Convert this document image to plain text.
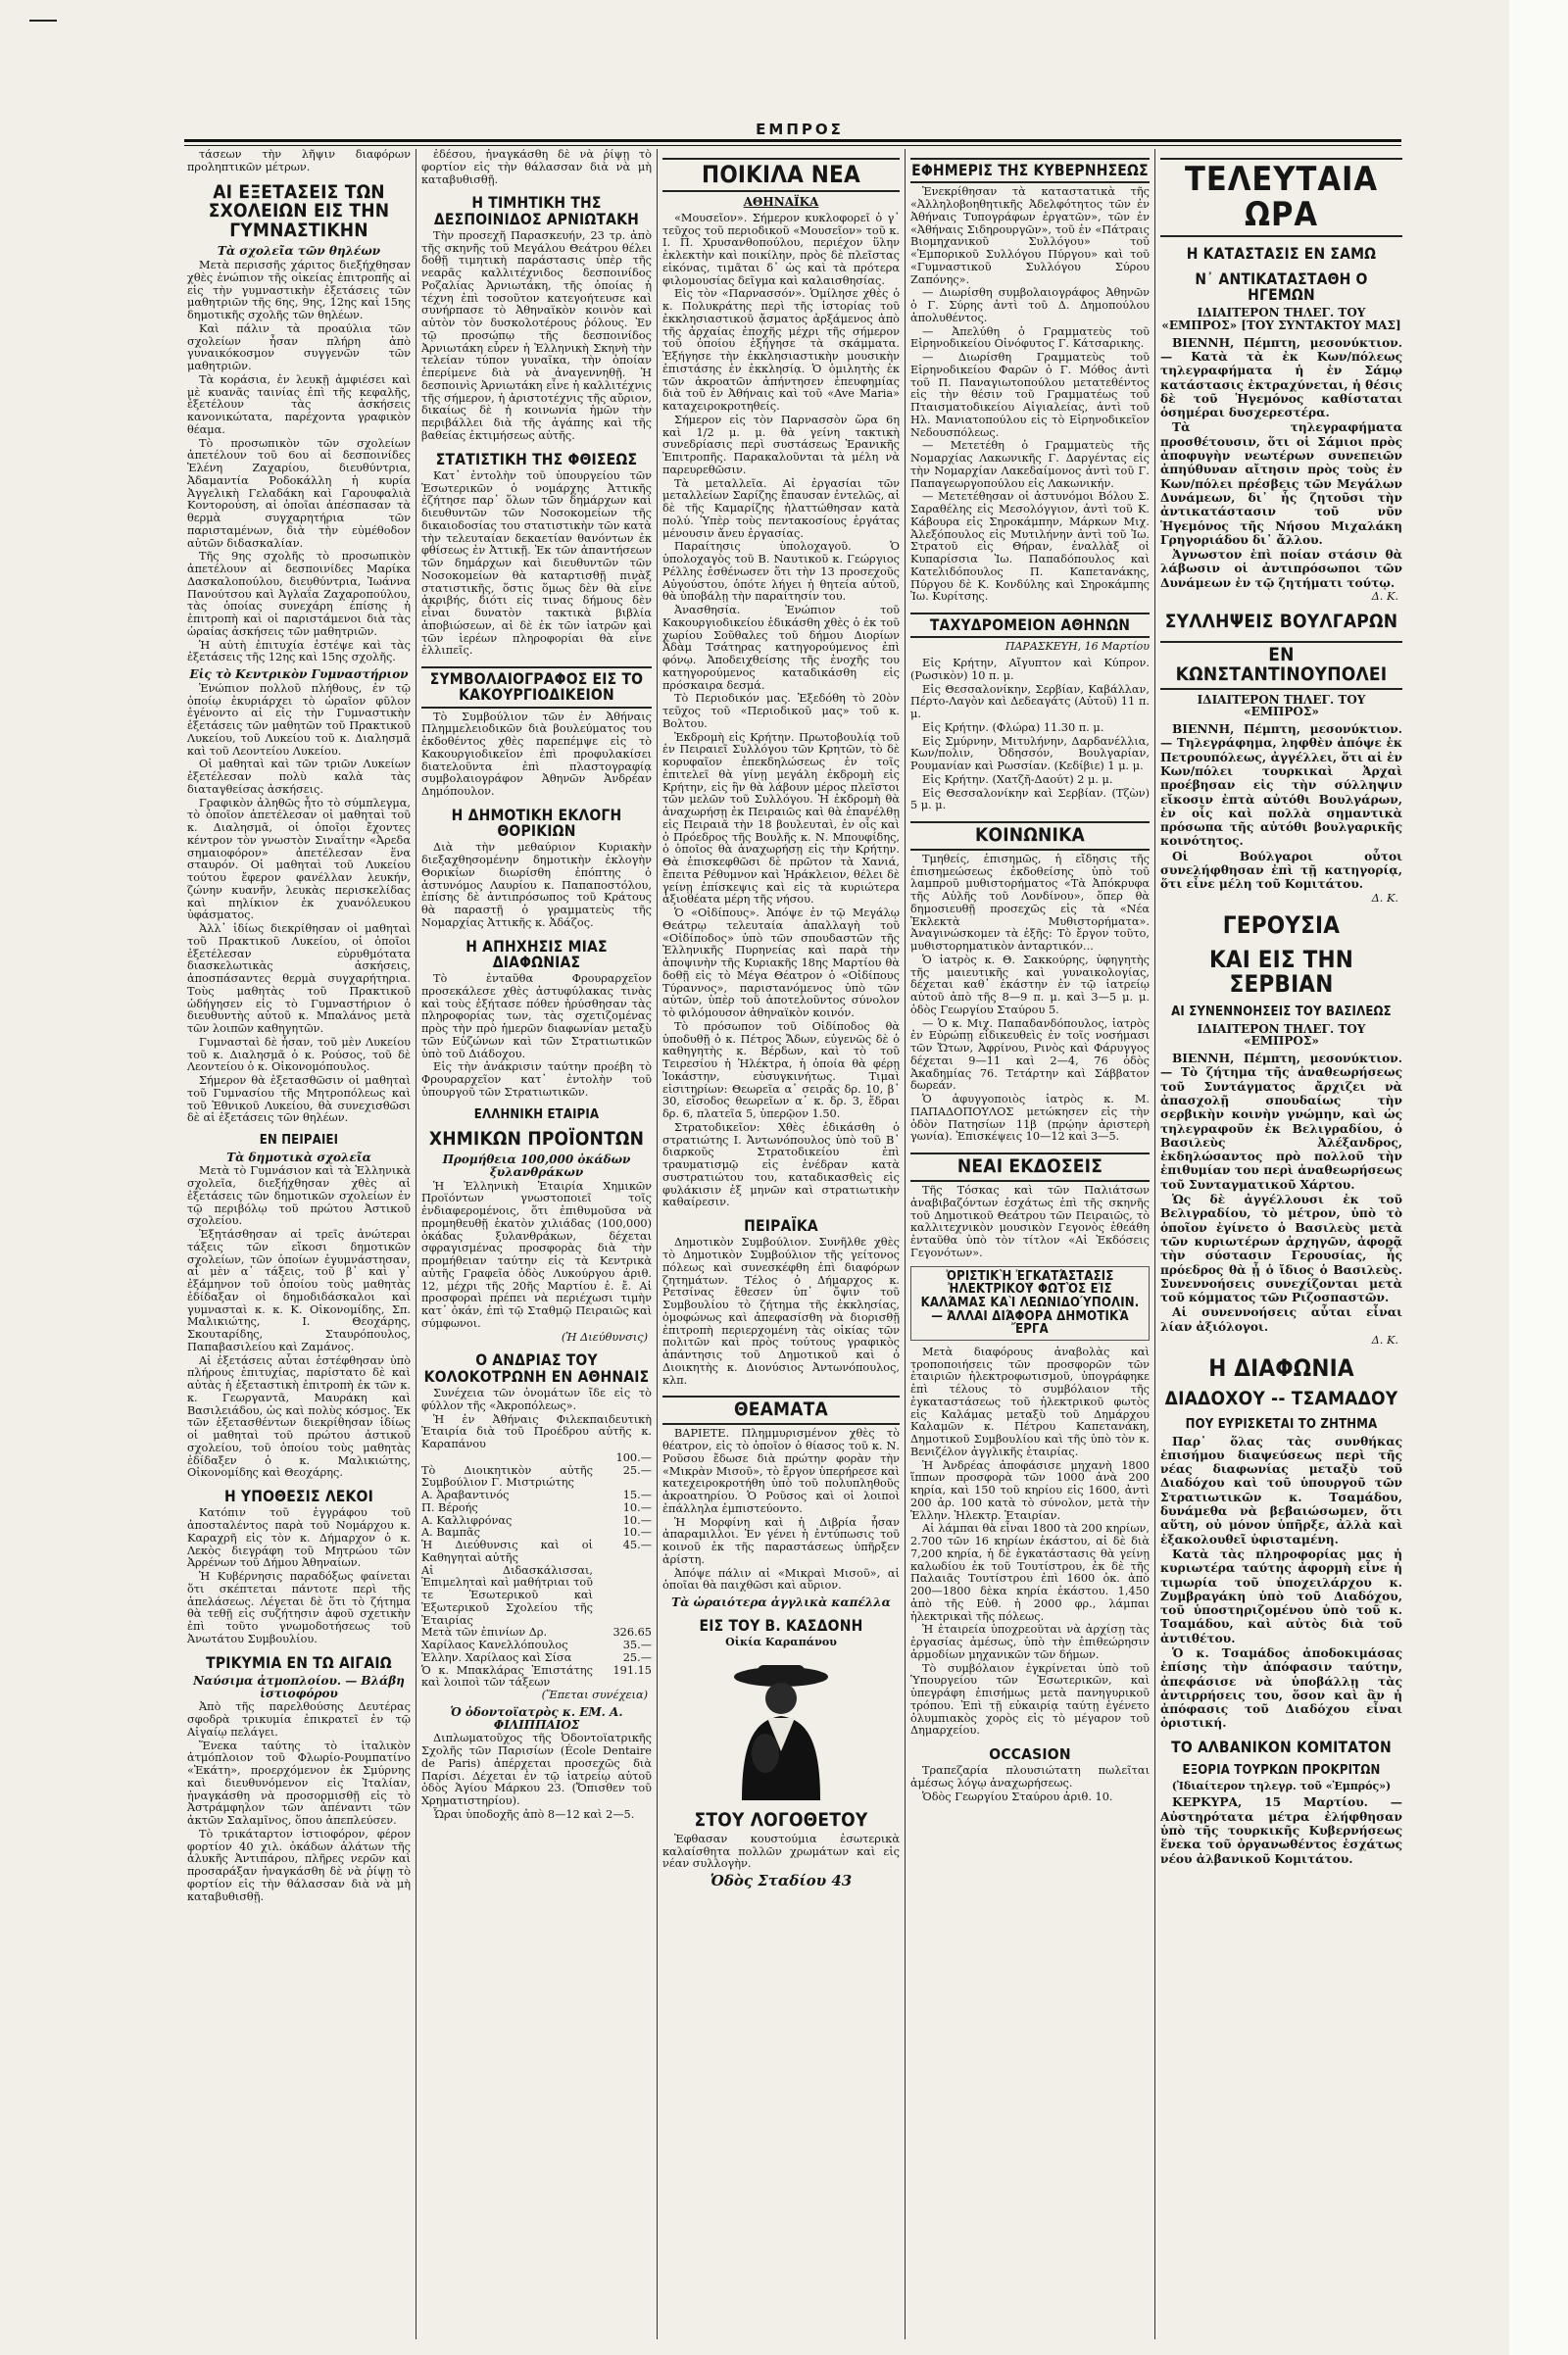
ΕΜΠΡΟΣ

τάσεων τὴν λῆψιν διαφόρων προληπτικῶν μέτρων.

ΑΙ ΕΞΕΤΑΣΕΙΣ ΤΩΝ ΣΧΟΛΕΙΩΝ ΕΙΣ ΤΗΝ ΓΥΜΝΑΣΤΙΚΗΝ
Τὰ σχολεῖα τῶν θηλέων

Μετὰ περισσῆς χάριτος διεξήχθησαν χθὲς ἐνώπιον τῆς οἰκείας ἐπιτροπῆς αἱ εἰς τὴν γυμναστικὴν ἐξετάσεις τῶν μαθητριῶν τῆς 6ης, 9ης, 12ης καὶ 15ης δημοτικῆς σχολῆς τῶν θηλέων.

Καὶ πάλιν τὰ προαύλια τῶν σχολείων ἦσαν πλήρη ἀπὸ γυναικόκοσμον συγγενῶν τῶν μαθητριῶν.

Τὰ κοράσια, ἐν λευκῇ ἀμφιέσει καὶ μὲ κυανᾶς ταινίας ἐπὶ τῆς κεφαλῆς, ἐξετέλουν τὰς ἀσκήσεις κανονικώτατα, παρέχοντα γραφικὸν θέαμα.

Τὸ προσωπικὸν τῶν σχολείων ἀπετέλουν τοῦ 6ου αἱ δεσποινίδες Ἑλένη Ζαχαρίου, διευθύντρια, Ἀδαμαντία Ροδοκάλλη ἡ κυρία Ἀγγελικὴ Γελαδάκη καὶ Γαρουφαλιὰ Κοντορούση, αἱ ὁποῖαι ἀπέσπασαν τὰ θερμὰ συγχαρητήρια τῶν παρισταμένων, διὰ τὴν εὐμέθοδον αὐτῶν διδασκαλίαν.

Τῆς 9ης σχολῆς τὸ προσωπικὸν ἀπετέλουν αἱ δεσποινίδες Μαρίκα Δασκαλοπούλου, διευθύντρια, Ἰωάννα Πανούτσου καὶ Ἀγλαΐα Ζαχαροπούλου, τὰς ὁποίας συνεχάρη ἐπίσης ἡ ἐπιτροπὴ καὶ οἱ παριστάμενοι διὰ τὰς ὡραίας ἀσκήσεις τῶν μαθητριῶν.

Ἡ αὐτὴ ἐπιτυχία ἐστέψε καὶ τὰς ἐξετάσεις τῆς 12ης καὶ 15ης σχολῆς.

Εἰς τὸ Κεντρικὸν Γυμναστήριον

Ἐνώπιον πολλοῦ πλήθους, ἐν τῷ ὁποίῳ ἐκυριάρχει τὸ ὡραῖον φῦλον ἐγένοντο αἱ εἰς τὴν Γυμναστικὴν ἐξετάσεις τῶν μαθητῶν τοῦ Πρακτικοῦ Λυκείου, τοῦ Λυκείου τοῦ κ. Διαλησμᾶ καὶ τοῦ Λεοντείου Λυκείου.

Οἱ μαθηταὶ καὶ τῶν τριῶν Λυκείων ἐξετέλεσαν πολὺ καλὰ τὰς διαταγθείσας ἀσκήσεις.

Γραφικὸν ἀληθῶς ἦτο τὸ σύμπλεγμα, τὸ ὁποῖον ἀπετέλεσαν οἱ μαθηταὶ τοῦ κ. Διαλησμᾶ, οἱ ὁποῖοι ἔχοντες κέντρον τὸν γνωστὸν Σιναΐτην «Ἀρεδα σημαιοφόρον» ἀπετέλεσαν ἕνα σταυρόν. Οἱ μαθηταὶ τοῦ Λυκείου τούτου ἔφερον φανέλλαν λευκήν, ζώνην κυανῆν, λευκὰς περισκελίδας καὶ πηλίκιον ἐκ χυανόλευκου ὑφάσματος.

Ἀλλ᾽ ἰδίως διεκρίθησαν οἱ μαθηταὶ τοῦ Πρακτικοῦ Λυκείου, οἱ ὁποῖοι ἐξετέλεσαν εὐρυθμότατα διασκελωτικὰς ἀσκήσεις, ἀποσπάσαντες θερμὰ συγχαρήτηρια. Τοὺς μαθητὰς τοῦ Πρακτικοῦ ὡδήγησεν εἰς τὸ Γυμναστήριον ὁ διευθυντὴς αὐτοῦ κ. Μπαλάνος μετὰ τῶν λοιπῶν καθηγητῶν.

Γυμνασταὶ δὲ ἦσαν, τοῦ μὲν Λυκείου τοῦ κ. Διαλησμᾶ ὁ κ. Ρούσος, τοῦ δὲ Λεοντείου ὁ κ. Οἰκονομόπουλος.

Σήμερον θὰ ἐξετασθῶσιν οἱ μαθηταὶ τοῦ Γυμνασίου τῆς Μητροπόλεως καὶ τοῦ Ἑθνικοῦ Λυκείου, θὰ συνεχισθῶσι δὲ αἱ ἐξετάσεις τῶν θηλέων.

ΕΝ ΠΕΙΡΑΙΕΙ
Τὰ δημοτικὰ σχολεῖα

Μετὰ τὸ Γυμνάσιον καὶ τὰ Ἑλληνικὰ σχολεῖα, διεξήχθησαν χθὲς αἱ ἐξετάσεις τῶν δημοτικῶν σχολείων ἐν τῷ περιβόλῳ τοῦ πρώτου Ἀστικοῦ σχολείου.

Ἐξητάσθησαν αἱ τρεῖς ἀνώτεραι τάξεις τῶν εἴκοσι δημοτικῶν σχολείων, τῶν ὁποίων ἐγυμνάστησαν, αἱ μὲν α᾽ τάξεις, τοῦ β᾽ καὶ γ᾽ ἐξάμηνον τοῦ ὁποίου τοὺς μαθητὰς ἐδίδαξαν οἱ δημοδιδάσκαλοι καὶ γυμνασταὶ κ. κ. Κ. Οἰκονομίδης, Σπ. Μαλικιώτης, Ι. Θεοχάρης, Σκουταρίδης, Σταυρόπουλος, Παπαβασιλείου καὶ Ζαμάνος.

Αἱ ἐξετάσεις αὗται ἐστέφθησαν ὑπὸ πλήρους ἐπιτυχίας, παρίστατο δὲ καὶ αὐτὰς ἡ ἐξεταστικὴ ἐπιτροπὴ ἐκ τῶν κ. κ. Γεωργαντᾶ, Μαυράκη καὶ Βασιλειάδου, ὡς καὶ πολὺς κόσμος. Ἐκ τῶν ἐξετασθέντων διεκρίθησαν ἰδίως οἱ μαθηταὶ τοῦ πρώτου ἀστικοῦ σχολείου, τοῦ ὁποίου τοὺς μαθητὰς ἐδίδαξεν ὁ κ. Μαλικιώτης, Οἰκονομίδης καὶ Θεοχάρης.

Η ΥΠΟΘΕΣΙΣ ΛΕΚΟΙ

Κατόπιν τοῦ ἐγγράφου τοῦ ἀποσταλέντος παρὰ τοῦ Νομάρχου κ. Καραχρῆ εἰς τὸν κ. Δήμαρχον ὁ κ. Λεκὸς διεγράφη τοῦ Μητρώου τῶν Ἀρρένων τοῦ Δήμου Ἀθηναίων.

Ἡ Κυβέρνησις παραδόξως φαίνεται ὅτι σκέπτεται πάντοτε περὶ τῆς ἀπελάσεως. Λέγεται δὲ ὅτι τὸ ζήτημα θὰ τεθῇ εἰς συζήτησιν ἀφοῦ σχετικὴν ἐπὶ τοῦτο γνωμοδοτήσεως τοῦ Ἀνωτάτου Συμβουλίου.

ΤΡΙΚΥΜΙΑ ΕΝ ΤΩ ΑΙΓΑΙΩ
Ναύσιμα ἀτμοπλοίου. — Βλάβη ἱστιοφόρου

Ἀπὸ τῆς παρελθούσης Δευτέρας σφοδρὰ τρικυμία ἐπικρατεῖ ἐν τῷ Αἰγαίῳ πελάγει.

Ἕνεκα ταύτης τὸ ἰταλικὸν ἀτμόπλοιον τοῦ Φλωρίο-Ρουμπατίνο «Ἑκάτη», προερχόμενον ἐκ Σμύρνης καὶ διευθυνόμενον εἰς Ἰταλίαν, ἠναγκάσθη νὰ προσορμισθῇ εἰς τὸ Ἀστράμφηλον τῶν ἀπέναντι τῶν ἀκτῶν Σαλαμῖνος, ὅπου ἀπεπλεύσεν.

Τὸ τρικάταρτον ἱστιοφόρον, φέρον φορτίον 40 χιλ. ὀκάδων ἁλάτων τῆς ἁλυκῆς Ἀντιπάρου, πλῆρες νερῶν καὶ προσαράξαν ἠναγκάσθη δὲ νὰ ῥίψῃ τὸ φορτίον εἰς τὴν θάλασσαν διὰ νὰ μὴ καταβυθισθῇ.

ἐδέσου, ἠναγκάσθη δὲ νὰ ῥίψῃ τὸ φορτίον εἰς τὴν θάλασσαν διὰ νὰ μὴ καταβυθισθῇ.

Η ΤΙΜΗΤΙΚΗ ΤΗΣ ΔΕΣΠΟΙΝΙΔΟΣ ΑΡΝΙΩΤΑΚΗ

Τὴν προσεχῆ Παρασκευήν, 23 τρ. ἀπὸ τῆς σκηνῆς τοῦ Μεγάλου Θεάτρου θέλει δοθῇ τιμητικὴ παράστασις ὑπὲρ τῆς νεαρᾶς καλλιτέχνιδος δεσποινίδος Ροζαλίας Ἀρνιωτάκη, τῆς ὁποίας ἡ τέχνη ἐπὶ τοσοῦτον κατεγοήτευσε καὶ συνήρπασε τὸ Ἀθηναϊκὸν κοινὸν καὶ αὐτὸν τὸν δυσκολοτέρους ῥόλους. Ἐν τῷ προσώπῳ τῆς δεσποινίδος Ἀρνιωτάκη εὗρεν ἡ Ἑλληνικὴ Σκηνὴ τὴν τελείαν τύπον γυναῖκα, τὴν ὁποίαν ἐπερίμενε διὰ νὰ ἀναγεννηθῇ. Ἡ δεσποινὶς Ἀρνιωτάκη εἶνε ἡ καλλιτέχνις τῆς σήμερον, ἡ ἀριστοτέχνις τῆς αὔριον, δικαίως δὲ ἡ κοινωνία ἡμῶν τὴν περιβάλλει διὰ τῆς ἀγάπης καὶ τῆς βαθείας ἐκτιμήσεως αὐτῆς.

ΣΤΑΤΙΣΤΙΚΗ ΤΗΣ ΦΘΙΣΕΩΣ

Κατ᾽ ἐντολὴν τοῦ ὑπουργείου τῶν Ἐσωτερικῶν ὁ νομάρχης Ἀττικῆς ἐζήτησε παρ᾽ ὅλων τῶν δημάρχων καὶ διευθυντῶν τῶν Νοσοκομείων τῆς δικαιοδοσίας του στατιστικὴν τῶν κατὰ τὴν τελευταίαν δεκαετίαν θανόντων ἐκ φθίσεως ἐν Ἀττικῇ. Ἐκ τῶν ἀπαντήσεων τῶν δημάρχων καὶ διευθυντῶν τῶν Νοσοκομείων θὰ καταρτισθῇ πινὰξ στατιστικῆς, ὅστις ὅμως δὲν θὰ εἶνε ἀκριβής, διότι εἰς τινας δήμους δὲν εἶναι δυνατὸν τακτικὰ βιβλία ἀποβιώσεων, αἱ δὲ ἐκ τῶν ἰατρῶν καὶ τῶν ἱερέων πληροφορίαι θὰ εἶνε ἐλλιπεῖς.

ΣΥΜΒΟΛΑΙΟΓΡΑΦΟΣ ΕΙΣ ΤΟ ΚΑΚΟΥΡΓΙΟΔΙΚΕΙΟΝ

Τὸ Συμβούλιον τῶν ἐν Ἀθήναις Πλημμελειοδικῶν διὰ βουλεύματος του ἐκδοθέντος χθὲς παρεπέμψε εἰς τὸ Κακουργιοδικεῖον ἐπὶ προφυλακίσει διατελοῦντα ἐπὶ πλαστογραφίᾳ συμβολαιογράφον Ἀθηνῶν Ἀνδρέαν Δημόπουλον.

Η ΔΗΜΟΤΙΚΗ ΕΚΛΟΓΗ ΘΟΡΙΚΙΩΝ

Διὰ τὴν μεθαύριον Κυριακὴν διεξαχθησομένην δημοτικὴν ἐκλογὴν Θορικίων διωρίσθη ἐπόπτης ὁ ἀστυνόμος Λαυρίου κ. Παπαποστόλου, ἐπίσης δὲ ἀντιπρόσωπος τοῦ Κράτους θὰ παραστῇ ὁ γραμματεὺς τῆς Νομαρχίας Ἀττικῆς κ. Ἀδάζος.

Η ΑΠΗΧΗΣΙΣ ΜΙΑΣ ΔΙΑΦΩΝΙΑΣ

Τὸ ἐνταῦθα Φρουραρχεῖον προσεκάλεσε χθὲς ἀστυφύλακας τινὰς καὶ τοὺς ἐξήτασε πόθεν ἠρύσθησαν τὰς πληροφορίας των, τὰς σχετιζομένας πρὸς τὴν πρὸ ἡμερῶν διαφωνίαν μεταξὺ τῶν Εὐζώνων καὶ τῶν Στρατιωτικῶν ὑπὸ τοῦ Διάδοχου.

Εἰς τὴν ἀνάκρισιν ταύτην προέβη τὸ Φρουραρχεῖον κατ᾽ ἐντολὴν τοῦ ὑπουργοῦ τῶν Στρατιωτικῶν.

ΕΛΛΗΝΙΚΗ ΕΤΑΙΡΙΑ
ΧΗΜΙΚΩΝ ΠΡΟΪΟΝΤΩΝ
Προμήθεια 100,000 ὀκάδων ξυλανθράκων

Ἡ Ἑλληνικὴ Ἑταιρία Χημικῶν Προϊόντων γνωστοποιεῖ τοῖς ἐνδιαφερομένοις, ὅτι ἐπιθυμοῦσα νὰ προμηθευθῇ ἑκατὸν χιλιάδας (100,000) ὀκάδας ξυλανθράκων, δέχεται σφραγισμένας προσφορὰς διὰ τὴν προμήθειαν ταύτην εἰς τὰ Κεντρικὰ αὐτῆς Γραφεῖα ὁδὸς Λυκούργου ἀριθ. 12, μέχρι τῆς 20ῆς Μαρτίου ἐ. ἔ. Αἱ προσφοραὶ πρέπει νὰ περιέχωσι τιμὴν κατ᾽ ὀκάν, ἐπὶ τῷ Σταθμῷ Πειραιῶς καὶ σύμφωνοι.

(Ἡ Διεύθυνσις)
Ο ΑΝΔΡΙΑΣ ΤΟΥ ΚΟΛΟΚΟΤΡΩΝΗ ΕΝ ΑΘΗΝΑΙΣ

Συνέχεια τῶν ὀνομάτων ἴδε εἰς τὸ φύλλον τῆς «Ἀκροπόλεως».

Ἡ ἐν Ἀθήναις Φιλεκπαιδευτικὴ Ἑταιρία διὰ τοῦ Προέδρου αὐτῆς κ. Καραπάνου

	100.—
Τὸ Διοικητικὸν αὐτῆς Συμβούλιον Γ. Μιστριώτης	25.—
Α. Ἀραβαντινός	15.—
Π. Βέροής	10.—
Α. Καλλιφρόνας	10.—
Α. Βαμπᾶς	10.—
Ἡ Διεύθυνσις καὶ οἱ Καθηγηταὶ αὐτῆς	45.—
Αἱ Διδασκάλισσαι, Ἐπιμεληταὶ καὶ μαθήτριαι τοῦ τε Ἐσωτερικοῦ καὶ Ἐξωτερικοῦ Σχολείου τῆς Ἑταιρίας	
Μετὰ τῶν ἐπινίων Δρ.	326.65
Χαρίλαος Κανελλόπουλος	35.—
Ἑλλην. Χαρίλαος καὶ Σίσα	25.—
Ὁ κ. Μπακλάρας Ἐπιστάτης καὶ λοιποὶ τῶν τάξεων	191.15
(Ἕπεται συνέχεια)
Ὁ ὀδοντοϊατρὸς κ. ΕΜ. Α. ΦΙΛΙΠΠΑΙΟΣ

Διπλωματοῦχος τῆς Ὀδοντοϊατρικῆς Σχολῆς τῶν Παρισίων (École Dentaire de Paris) ἀπέρχεται προσεχῶς διὰ Παρίσι. Δέχεται ἐν τῷ ἰατρείῳ αὐτοῦ ὁδὸς Ἁγίου Μάρκου 23. (Ὄπισθεν τοῦ Χρηματιστηρίου).

Ὧραι ὑποδοχῆς ἀπὸ 8—12 καὶ 2—5.

ΠΟΙΚΙΛΑ ΝΕΑ
ΑΘΗΝΑΪΚΑ

«Μουσεῖον». Σήμερον κυκλοφορεῖ ὁ γ᾽ τεῦχος τοῦ περιοδικοῦ «Μουσεῖον» τοῦ κ. Ι. Π. Χρυσανθοπούλου, περιέχον ὕλην ἐκλεκτὴν καὶ ποικίλην, πρὸς δὲ πλεῖστας εἰκόνας, τιμᾶται δ᾽ ὡς καὶ τὰ πρότερα φιλομουσίας δεῖγμα καὶ καλαισθησίας.

Εἰς τὸν «Παρνασσόν». Ὁμίλησε χθὲς ὁ κ. Πολυκράτης περὶ τῆς ἱστορίας τοῦ ἐκκλησιαστικοῦ ᾄσματος ἀρξάμενος ἀπὸ τῆς ἀρχαίας ἐποχῆς μέχρι τῆς σήμερον τοῦ ὁποίου ἐξήγησε τὰ σκάμματα. Ἐξήγησε τὴν ἐκκλησιαστικὴν μουσικὴν ἐπιστάσης ἐν ἐκκλησίᾳ. Ὁ ὁμιλητὴς ἐκ τῶν ἀκροατῶν ἀπήντησεν ἐπευφημίας διὰ τοῦ ἐν Ἀθήναις καὶ τοῦ «Ave Maria» καταχειροκροτηθείς.

Σήμερον εἰς τὸν Παρνασσὸν ὥρα 6η καὶ 1/2 μ. μ. θὰ γείνη τακτικὴ συνεδρίασις περὶ συστάσεως Ἐρανικῆς Ἐπιτροπῆς. Παρακαλοῦνται τὰ μέλη νὰ παρευρεθῶσιν.

Τὰ μεταλλεῖα. Αἱ ἐργασίαι τῶν μεταλλείων Σαρίζης ἔπαυσαν ἐντελῶς, αἱ δὲ τῆς Καμαρίζης ἠλαττώθησαν κατὰ πολύ. Ὑπὲρ τοὺς πεντακοσίους ἐργάτας μένουσιν ἄνευ ἐργασίας.

Παραίτησις ὑπολοχαγοῦ. Ὁ ὑπολοχαγὸς τοῦ Β. Ναυτικοῦ κ. Γεώργιος Ρέλλης ἐσθένωσεν ὅτι τὴν 13 προσεχοῦς Αὐγούστου, ὁπότε λήγει ἡ θητεία αὐτοῦ, θὰ ὑποβάλῃ τὴν παραίτησίν του.

Ἀνασθησία. Ἐνώπιον τοῦ Κακουργιοδικείου ἐδικάσθη χθὲς ὁ ἐκ τοῦ χωρίου Σοῦθαλες τοῦ δήμου Διορίων Ἀδὰμ Τσάτηρας κατηγορούμενος ἐπὶ φόνῳ. Ἀποδειχθείσης τῆς ἐνοχῆς του κατηγορούμενος καταδικάσθη εἰς πρόσκαιρα δεσμά.

Τὸ Περιοδικόν μας. Ἐξεδόθη τὸ 20ὸν τεῦχος τοῦ «Περιοδικοῦ μας» τοῦ κ. Βολτου.

Ἐκδρομὴ εἰς Κρήτην. Πρωτοβουλίᾳ τοῦ ἐν Πειραιεῖ Συλλόγου τῶν Κρητῶν, τὸ δὲ κορυφαῖον ἐπεκδηλώσεως ἐν τοῖς ἐπιτελεῖ θὰ γίνῃ μεγάλη ἐκδρομὴ εἰς Κρήτην, εἰς ἣν θὰ λάβουν μέρος πλεῖστοι τῶν μελῶν τοῦ Συλλόγου. Ἡ ἐκδρομὴ θὰ ἀναχωρήσῃ ἐκ Πειραιῶς καὶ θὰ ἐπανέλθῃ εἰς Πειραιᾶ τὴν 18 βουλευταὶ, ἐν οἷς καὶ ὁ Πρόεδρος τῆς Βουλῆς κ. Ν. Μπουφίδης, ὁ ὁποῖος θὰ ἀναχωρήσῃ εἰς τὴν Κρήτην. Θὰ ἐπισκεφθῶσι δὲ πρῶτον τὰ Χανιά, ἔπειτα Ρέθυμνον καὶ Ἡράκλειον, θέλει δὲ γείνῃ ἐπίσκεψις καὶ εἰς τὰ κυριώτερα ἀξιοθέατα μέρη τῆς νήσου.

Ὁ «Οἰδίπους». Ἀπόψε ἐν τῷ Μεγάλῳ Θεάτρῳ τελευταία ἀπαλλαγὴ τοῦ «Οἰδίποδος» ὑπὸ τῶν σπουδαστῶν τῆς Ἑλληνικῆς Πυρηνείας καὶ παρὰ τὴν ἀποψινὴν τῆς Κυριακῆς 18ης Μαρτίου θὰ δοθῇ εἰς τὸ Μέγα Θέατρον ὁ «Οἰδίπους Τύραννος», παριστανόμενος ὑπὸ τῶν αὐτῶν, ὑπὲρ τοῦ ἀποτελοῦντος σύνολον τὸ φιλόμουσον ἀθηναϊκὸν κοινόν.

Τὸ πρόσωπον τοῦ Οἰδίποδος θὰ ὑποδυθῇ ὁ κ. Πέτρος Ἄδων, εὐγενῶς δὲ ὁ καθηγητὴς κ. Βέρδων, καὶ τὸ τοῦ Τειρεσίου ἡ Ἠλέκτρα, ἡ ὁποία θὰ φέρῃ Ἰοκάστην, εὐσυγκινήτως. Τιμαὶ εἰσιτηρίων: Θεωρεῖα α᾽ σειρᾶς δρ. 10, β᾽ 30, εἴσοδος θεωρεῖων α᾽ κ. δρ. 3, ἕδραι δρ. 6, πλατεῖα 5, ὑπερῷον 1.50.

Στρατοδικεῖον: Χθὲς ἐδικάσθη ὁ στρατιώτης Ι. Ἀντωνόπουλος ὑπὸ τοῦ Β᾽ διαρκοῦς Στρατοδικείου ἐπὶ τραυματισμῷ εἰς ἐνέδραν κατὰ συστρατιώτου του, καταδικασθεὶς εἰς φυλάκισιν ἐξ μηνῶν καὶ στρατιωτικὴν καθαίρεσιν.

ΠΕΙΡΑΪΚΑ

Δημοτικὸν Συμβούλιον. Συνῆλθε χθὲς τὸ Δημοτικὸν Συμβούλιον τῆς γείτονος πόλεως καὶ συνεσκέφθη ἐπὶ διαφόρων ζητημάτων. Τέλος ὁ Δήμαρχος κ. Ρετσίνας ἔθεσεν ὑπ᾽ ὄψιν τοῦ Συμβουλίου τὸ ζήτημα τῆς ἐκκλησίας, ὁμοφώνως καὶ ἀπεφασίσθη νὰ διορισθῇ ἐπιτροπὴ περιερχομένη τὰς οἰκίας τῶν πολιτῶν καὶ πρὸς τούτους γραφικὸς ἀπάντησις τοῦ Δημοτικοῦ καὶ ὁ Διοικητὴς κ. Διονύσιος Ἀντωνόπουλος, κλπ.

ΘΕΑΜΑΤΑ

ΒΑΡΙΕΤΕ. Πλημμυρισμένον χθὲς τὸ θέατρον, εἰς τὸ ὁποῖον ὁ θίασος τοῦ κ. Ν. Ροῦσου ἔδωσε διὰ πρώτην φορὰν τὴν «Μικρὰν Μισοῦ», τὸ ἔργον ὑπερήρεσε καὶ κατεχειροκροτήθη ὑπὸ τοῦ πολυπληθοῦς ἀκροατηρίου. Ὁ Ροῦσος καὶ οἱ λοιποὶ ἐπάλληλα ἐμπιστεύοντο.

Ἡ Μορφίνη καὶ ἡ Διβρία ἦσαν ἀπαραμιλλοι. Ἐν γένει ἡ ἐντύπωσις τοῦ κοινοῦ ἐκ τῆς παραστάσεως ὑπῆρξεν ἀρίστη.

Ἀπόψε πάλιν αἱ «Μικραὶ Μισοῦ», αἱ ὁποῖαι θὰ παιχθῶσι καὶ αὔριον.

Τὰ ὡραιότερα ἀγγλικὰ καπέλλα
ΕΙΣ ΤΟΥ Β. ΚΑΣΔΟΝΗ
Οἰκία Καραπάνου
ΣΤΟΥ ΛΟΓΟΘΕΤΟΥ

Ἐφθασαν κουστούμια ἐσωτερικὰ καλαίσθητα πολλῶν χρωμάτων καὶ εἰς νέαν συλλογὴν.

Ὁδὸς Σταδίου 43
ΕΦΗΜΕΡΙΣ ΤΗΣ ΚΥΒΕΡΝΗΣΕΩΣ

Ἐνεκρίθησαν τὰ καταστατικὰ τῆς «Ἀλληλοβοηθητικῆς Ἀδελφότητος τῶν ἐν Ἀθήναις Τυπογράφων ἐργατῶν», τῶν ἐν «Ἀθήναις Σιδηρουργῶν», τοῦ ἐν «Πάτραις Βιομηχανικοῦ Συλλόγου» τοῦ «Ἐμπορικοῦ Συλλόγου Πύργου» καὶ τοῦ «Γυμναστικοῦ Συλλόγου Σύρου Ζαπόνης».

— Διωρίσθη συμβολαιογράφος Ἀθηνῶν ὁ Γ. Σύρης ἀντὶ τοῦ Δ. Δημοπούλου ἀπολυθέντος.

— Ἀπελύθη ὁ Γραμματεὺς τοῦ Εἰρηνοδικείου Οἰνόφυτος Γ. Κάτσαρικης.

— Διωρίσθη Γραμματεὺς τοῦ Εἰρηνοδικείου Φαρῶν ὁ Γ. Μόθος ἀντὶ τοῦ Π. Παναγιωτοπούλου μετατεθέντος εἰς τὴν θέσιν τοῦ Γραμματέως τοῦ Πταισματοδικείου Αἰγιαλείας, ἀντὶ τοῦ Ηλ. Μανιατοπούλου εἰς τὸ Εἰρηνοδικεῖον Νεδουσπόλεως.

— Μετετέθη ὁ Γραμματεὺς τῆς Νομαρχίας Λακωνικῆς Γ. Δαργέντας εἰς τὴν Νομαρχίαν Λακεδαίμονος ἀντὶ τοῦ Γ. Παπαγεωργοπούλου εἰς Λακωνικήν.

— Μετετέθησαν οἱ ἀστυνόμοι Βόλου Σ. Σαραθέλης εἰς Μεσολόγγιον, ἀντὶ τοῦ Κ. Κάβουρα εἰς Σηροκάμπην, Μάρκων Μιχ. Ἀλεξόπουλος εἰς Μυτιλήνην ἀντὶ τοῦ Ἰω. Στρατοῦ εἰς Θήραν, ἐναλλὰξ οἱ Κυπαρίσσια Ἰω. Παπαδόπουλος καὶ Κατελιδόπουλος Π. Καπετανάκης, Πύργου δὲ Κ. Κονδύλης καὶ Σηροκάμπης Ἰω. Κυρίτσης.

ΤΑΧΥΔΡΟΜΕΙΟΝ ΑΘΗΝΩΝ
ΠΑΡΑΣΚΕΥΗ, 16 Μαρτίου

Εἰς Κρήτην, Αἴγυπτον καὶ Κύπρον. (Ρωσικὸν) 10 π. μ.

Εἰς Θεσσαλονίκην, Σερβίαν, Καβάλλαν, Πέρτο-Λαγὸν καὶ Δεδεαγάτς (Αὐτοῦ) 11 π. μ.

Εἰς Κρήτην. (Φλώρα) 11.30 π. μ.

Εἰς Σμύρνην, Μιτυλήνην, Δαρδανέλλια, Κων/πολιν, Ὀδησσόν, Βουλγαρίαν, Ρουμανίαν καὶ Ρωσσίαν. (Κεδίβιε) 1 μ. μ.

Εἰς Κρήτην. (Χατζῆ-Δαούτ) 2 μ. μ.

Εἰς Θεσσαλονίκην καὶ Σερβίαν. (Τζὼν) 5 μ. μ.

ΚΟΙΝΩΝΙΚΑ

Τμηθείς, ἐπισημῶς, ἡ εἴδησις τῆς ἐπισημεώσεως ἐκδοθείσης ὑπὸ τοῦ λαμπροῦ μυθιστορήματος «Τὰ Ἀπόκρυφα τῆς Αὐλῆς τοῦ Λονδίνου», ὅπερ θὰ δημοσιευθῇ προσεχῶς εἰς τὰ «Νέα Ἐκλεκτὰ Μυθιστορήματα». Ἀναγινώσκομεν τὰ ἐξῆς: Τὸ ἔργον τοῦτο, μυθιστορηματικὸν ἀνταρτικόν...

Ὁ ἰατρὸς κ. Θ. Σακκούρης, ὑφηγητὴς τῆς μαιευτικῆς καὶ γυναικολογίας, δέχεται καθ᾽ ἑκάστην ἐν τῷ ἰατρείῳ αὐτοῦ ἀπὸ τῆς 8—9 π. μ. καὶ 3—5 μ. μ. ὁδὸς Γεωργίου Σταύρου 5.

— Ὁ κ. Μιχ. Παπαδανδόπουλος, ἰατρὸς ἐν Εὐρώπῃ εἰδικευθεὶς ἐν τοῖς νοσήμασι τῶν Ὤτων, Ἀφρίνου, Ρινὸς καὶ Φάρυγγος δέχεται 9—11 καὶ 2—4, 76 ὁδὸς Ἀκαδημίας 76. Τετάρτην καὶ Σάββατον δωρεάν.

Ὁ ἀφυγγοποιὸς ἰατρὸς κ. Μ. ΠΑΠΑΔΟΠΟΥΛΟΣ μετώκησεν εἰς τὴν ὁδὸν Πατησίων 11β (πρῴην ἀριστερὴ γωνία). Ἐπισκέψεις 10—12 καὶ 3—5.

ΝΕΑΙ ΕΚΔΟΣΕΙΣ

Τῆς Τόσκας καὶ τῶν Παλιάτσων ἀναβιβαζόντων ἐσχάτως ἐπὶ τῆς σκηνῆς τοῦ Δημοτικοῦ Θεάτρου τῶν Πειραιῶς, τὸ καλλιτεχνικὸν μουσικὸν Γεγονὸς ἐθεάθη ἐνταῦθα ὑπὸ τὸν τίτλον «Αἱ Ἐκδόσεις Γεγονότων».

ὈΡΙΣΤΙΚῊ ἘΓΚΑΤΆΣΤΑΣΙΣ ἨΛΕΚΤΡΙΚΟΥ͂ ΦΩΤῸΣ ΕἸΣ ΚΑΛΆΜΑΣ ΚΑῚ ΛΕΩΝΙΔΟΎΠΟΛΙΝ. — ἈΛΛΑΙ ΔΙΆΦΟΡΑ ΔΗΜΟΤΙΚᾺ ἜΡΓΑ

Μετὰ διαφόρους ἀναβολὰς καὶ τροποποιήσεις τῶν προσφορῶν τῶν ἐταιριῶν ἠλεκτροφωτισμοῦ, ὑπογράφηκε ἐπὶ τέλους τὸ συμβόλαιον τῆς ἐγκαταστάσεως τοῦ ἠλεκτρικοῦ φωτὸς εἰς Καλάμας μεταξὺ τοῦ Δημάρχου Καλαμῶν κ. Πέτρου Καπετανάκη, Δημοτικοῦ Συμβουλίου καὶ τῆς ὑπὸ τὸν κ. Βενιζέλον ἀγγλικῆς ἑταιρίας.

Ἡ Ἀνδρέας ἀποφάσισε μηχανὴ 1800 ἵππων προσφορὰ τῶν 1000 ἀνὰ 200 κηρία, καὶ 150 τοῦ κηρίου εἰς 1600, ἀντὶ 200 ἀρ. 100 κατὰ τὸ σύνολον, μετὰ τὴν Ἑλλην. Ἠλεκτρ. Ἑταιρίαν.

Αἱ λάμπαι θὰ εἶναι 1800 τὰ 200 κηρίων, 2.700 τῶν 16 κηρίων ἑκάστου, αἱ δὲ διὰ 7,200 κηρία, ἡ δὲ ἐγκατάστασις θὰ γείνῃ καλωδίου ἐκ τοῦ Τουτίστρου, ἐκ δὲ τῆς Παλαιᾶς Τουτίστρου ἐπὶ 1600 ὀκ. ἀπὸ 200—1800 δὲκα κηρία ἑκάστου. 1,450 ἀπὸ τῆς Εὐθ. ἡ 2000 φρ., λάμπαι ἡλεκτρικαὶ τῆς πόλεως.

Ἡ ἑταιρεία ὑποχρεοῦται νὰ ἀρχίσῃ τὰς ἐργασίας ἀμέσως, ὑπὸ τὴν ἐπιθεώρησιν ἀρμοδίων μηχανικῶν τῶν δήμων.

Τὸ συμβόλαιον ἐγκρίνεται ὑπὸ τοῦ Ὑπουργείου τῶν Ἐσωτερικῶν, καὶ ὑπεγράφη ἐπισήμως μετὰ πανηγυρικοῦ τρόπου. Ἐπὶ τῇ εὐκαιρίᾳ ταύτῃ ἐγένετο ὀλυμπιακὸς χορὸς εἰς τὸ μέγαρον τοῦ Δημαρχείου.

OCCASION

Τραπεζαρία πλουσιώτατη πωλεῖται ἀμέσως λόγῳ ἀναχωρήσεως.

Ὁδὸς Γεωργίου Σταύρου ἀριθ. 10.

ΤΕΛΕΥΤΑΙΑ ΩΡΑ
Η ΚΑΤΑΣΤΑΣΙΣ ΕΝ ΣΑΜΩ
Ν᾽ ΑΝΤΙΚΑΤΑΣΤΑΘΗ Ο ΗΓΕΜΩΝ
ΙΔΙΑΙΤΕΡΟΝ ΤΗΛΕΓ. ΤΟΥ «ΕΜΠΡΟΣ» [ΤΟΥ ΣΥΝΤΑΚΤΟΥ ΜΑΣ]

ΒΙΕΝΝΗ, Πέμπτη, μεσονύκτιον. — Κατὰ τὰ ἐκ Κων/πόλεως τηλεγραφήματα ἡ ἐν Σάμῳ κατάστασις ἐκτραχύνεται, ἡ θέσις δὲ τοῦ Ἡγεμόνος καθίσταται ὁσημέραι δυσχερεστέρα.

Τὰ τηλεγραφήματα προσθέτουσιν, ὅτι οἱ Σάμιοι πρὸς ἀποφυγὴν νεωτέρων συνεπειῶν ἀπηύθυναν αἴτησιν πρὸς τοὺς ἐν Κων/πόλει πρέσβεις τῶν Μεγάλων Δυνάμεων, δι᾽ ἧς ζητοῦσι τὴν ἀντικατάστασιν τοῦ νῦν Ἡγεμόνος τῆς Νήσου Μιχαλάκη Γρηγοριάδου δι᾽ ἄλλου.

Ἀγνωστον ἐπὶ ποίαν στάσιν θὰ λάβωσιν οἱ ἀντιπρόσωποι τῶν Δυνάμεων ἐν τῷ ζητήματι τούτῳ.

Δ. Κ.
ΣΥΛΛΗΨΕΙΣ ΒΟΥΛΓΑΡΩΝ
ΕΝ ΚΩΝΣΤΑΝΤΙΝΟΥΠΟΛΕΙ
ΙΔΙΑΙΤΕΡΟΝ ΤΗΛΕΓ. ΤΟΥ «ΕΜΠΡΟΣ»

ΒΙΕΝΝΗ, Πέμπτη, μεσονύκτιον. — Τηλεγράφημα, ληφθὲν ἀπόψε ἐκ Πετρουπόλεως, ἀγγέλλει, ὅτι αἱ ἐν Κων/πόλει τουρκικαὶ Ἀρχαὶ προέβησαν εἰς τὴν σύλληψιν εἴκοσιν ἐπτὰ αὐτόθι Βουλγάρων, ἐν οἷς καὶ πολλὰ σημαντικὰ πρόσωπα τῆς αὐτόθι βουλγαρικῆς κοινότητος.

Οἱ Βούλγαροι οὗτοι συνελήφθησαν ἐπὶ τῇ κατηγορίᾳ, ὅτι εἶνε μέλη τοῦ Κομιτάτου.

Δ. Κ.
ΓΕΡΟΥΣΙΑ
ΚΑΙ ΕΙΣ ΤΗΝ ΣΕΡΒΙΑΝ
ΑΙ ΣΥΝΕΝΝΟΗΣΕΙΣ ΤΟΥ ΒΑΣΙΛΕΩΣ
ΙΔΙΑΙΤΕΡΟΝ ΤΗΛΕΓ. ΤΟΥ «ΕΜΠΡΟΣ»

ΒΙΕΝΝΗ, Πέμπτη, μεσονύκτιον. — Τὸ ζήτημα τῆς ἀναθεωρήσεως τοῦ Συντάγματος ἄρχιζει νὰ ἀπασχολῇ σπουδαίως τὴν σερβικὴν κοινὴν γνώμην, καὶ ὡς τηλεγραφοῦν ἐκ Βελιγραδίου, ὁ Βασιλεὺς Ἀλέξανδρος, ἐκδηλώσαντος πρὸ πολλοῦ τὴν ἐπιθυμίαν του περὶ ἀναθεωρήσεως τοῦ Συνταγματικοῦ Χάρτου.

Ὡς δὲ ἀγγέλλουσι ἐκ τοῦ Βελιγραδίου, τὸ μέτρον, ὑπὸ τὸ ὁποῖον ἐγίνετο ὁ Βασιλεὺς μετὰ τῶν κυριωτέρων ἀρχηγῶν, ἀφορᾷ τὴν σύστασιν Γερουσίας, ἧς πρόεδρος θὰ ᾖ ὁ ἴδιος ὁ Βασιλεὺς. Συνεννοήσεις συνεχίζονται μετὰ τοῦ κόμματος τῶν Ριζοσπαστῶν.

Αἱ συνεννοήσεις αὗται εἶναι λίαν ἀξιόλογοι.

Δ. Κ.
Η ΔΙΑΦΩΝΙΑ
ΔΙΑΔΟΧΟΥ -- ΤΣΑΜΑΔΟΥ
ΠΟΥ ΕΥΡΙΣΚΕΤΑΙ ΤΟ ΖΗΤΗΜΑ

Παρ᾽ ὅλας τὰς συνθήκας ἐπισήμου διαψεύσεως περὶ τῆς νέας διαφωνίας μεταξὺ τοῦ Διαδόχου καὶ τοῦ ὑπουργοῦ τῶν Στρατιωτικῶν κ. Τσαμάδου, δυνάμεθα νὰ βεβαιώσωμεν, ὅτι αὕτη, οὐ μόνον ὑπῆρξε, ἀλλὰ καὶ ἐξακολουθεῖ ὑφισταμένη.

Κατὰ τὰς πληροφορίας μας ἡ κυριωτέρα ταύτης ἀφορμὴ εἶνε ἡ τιμωρία τοῦ ὑποχειλάρχου κ. Ζυμβραγάκη ὑπὸ τοῦ Διαδόχου, τοῦ ὑποστηριζομένου ὑπὸ τοῦ κ. Τσαμάδου, καὶ αὐτὸς διὰ τοῦ ἀντιθέτου.

Ὁ κ. Τσαμάδος ἀποδοκιμάσας ἐπίσης τὴν ἀπόφασιν ταύτην, ἀπεφάσισε νὰ ὑποβάλλῃ τὰς ἀντιρρήσεις του, ὅσον καὶ ἂν ἡ ἀπόφασις τοῦ Διαδόχου εἶναι ὁριστική.

ΤΟ ΑΛΒΑΝΙΚΟΝ ΚΟΜΙΤΑΤΟΝ
ΕΞΟΡΙΑ ΤΟΥΡΚΩΝ ΠΡΟΚΡΙΤΩΝ
(Ἰδιαίτερον τηλεγρ. τοῦ «Ἐμπρός»)

ΚΕΡΚΥΡΑ, 15 Μαρτίου. — Αὐστηρότατα μέτρα ἐλήφθησαν ὑπὸ τῆς τουρκικῆς Κυβερνήσεως ἕνεκα τοῦ ὀργανωθέντος ἐσχάτως νέου ἀλβανικοῦ Κομιτάτου.
